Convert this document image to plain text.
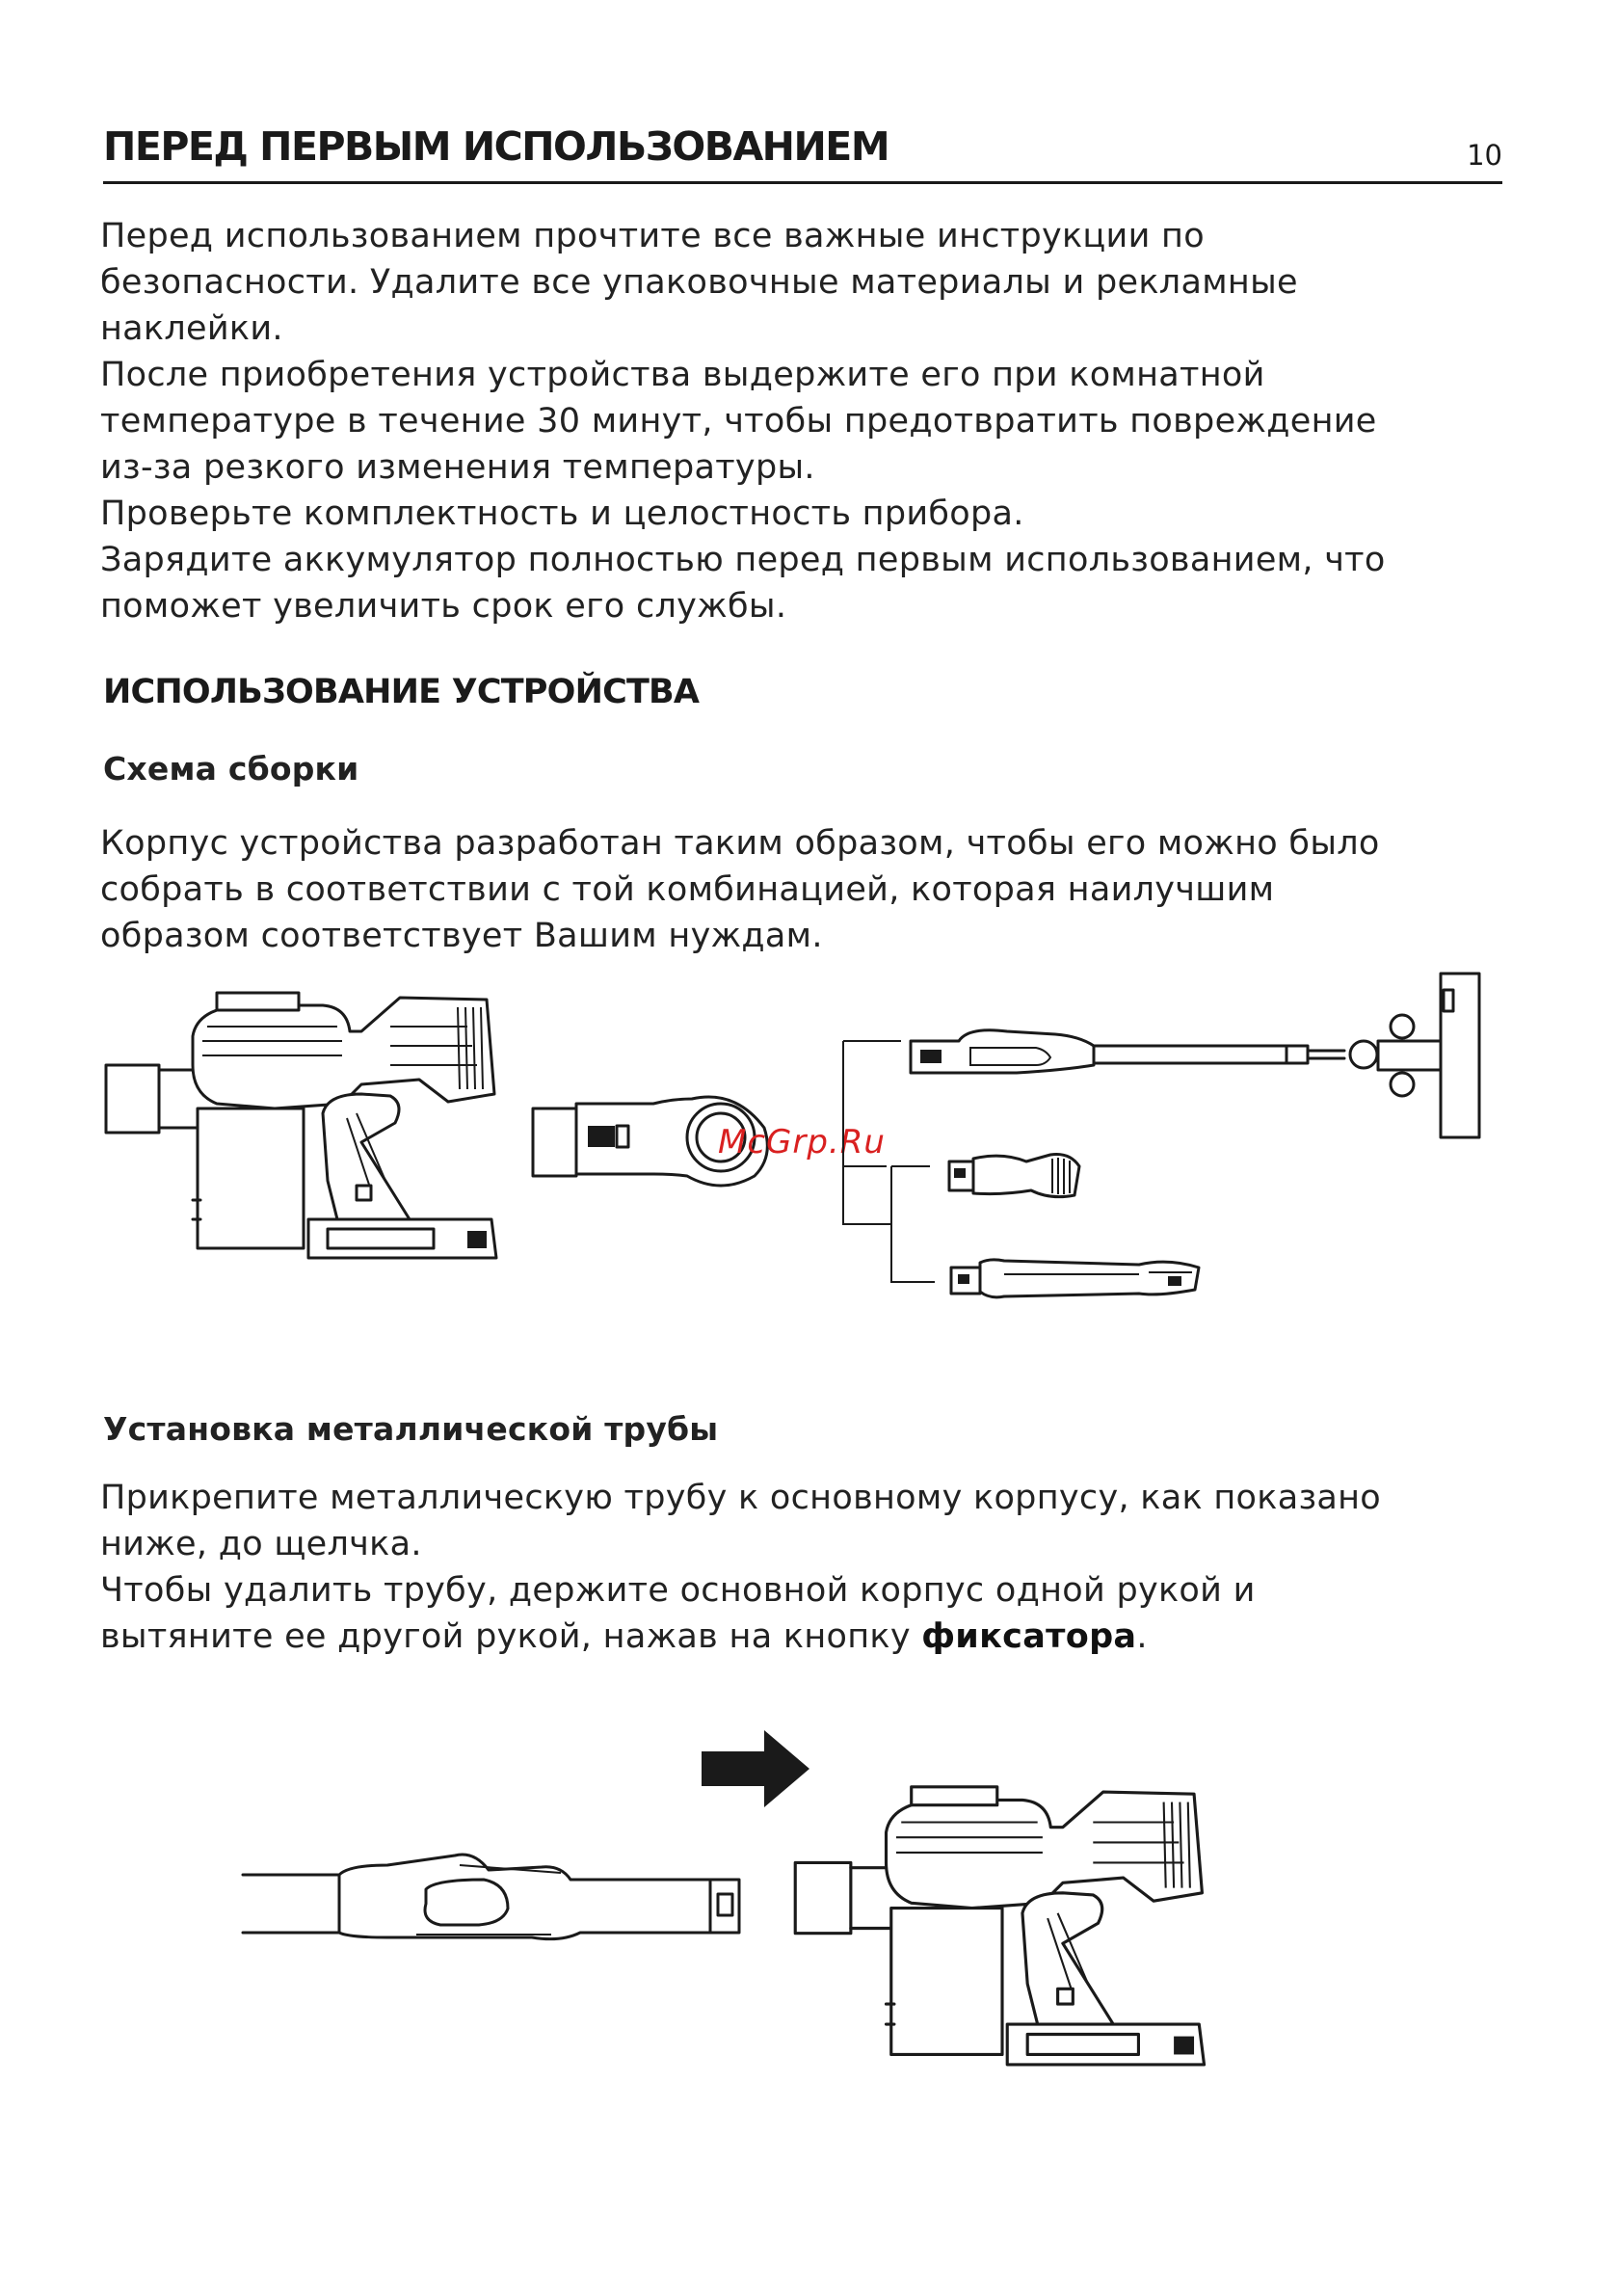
ПЕРЕД ПЕРВЫМ ИСПОЛЬЗОВАНИЕМ	10

Перед использованием прочтите все важные инструкции по

безопасности. Удалите все упаковочные материалы и рекламные

наклейки.

После приобретения устройства выдержите его при комнатной

температуре в течение 30 минут, чтобы предотвратить повреждение

из-за резкого изменения температуры.

Проверьте комплектность и целостность прибора.

Зарядите аккумулятор полностью перед первым использованием, что

поможет увеличить срок его службы.

ИСПОЛЬЗОВАНИЕ УСТРОЙСТВА
Схема сборки

Корпус устройства разработан таким образом, чтобы его можно было

собрать в соответствии с той комбинацией, которая наилучшим

образом соответствует Вашим нуждам.

McGrp.Ru
Установка металлической трубы

Прикрепите металлическую трубу к основному корпусу, как показано

ниже, до щелчка.

Чтобы удалить трубу, держите основной корпус одной рукой и

вытяните ее другой рукой, нажав на кнопку фиксатора.
